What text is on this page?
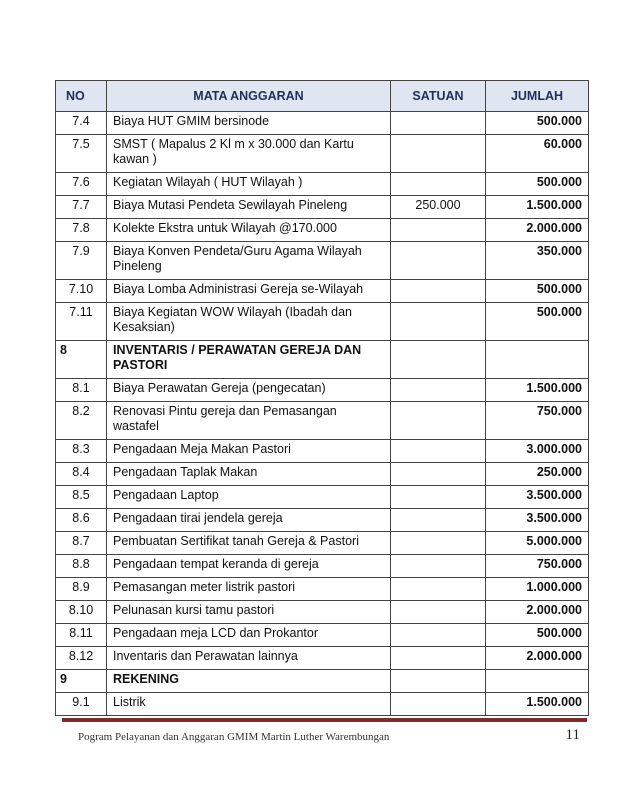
NO	MATA ANGGARAN	SATUAN	JUMLAH
7.4	Biaya HUT GMIM bersinode		500.000
7.5	SMST ( Mapalus 2 Kl m x 30.000 dan Kartu kawan )		60.000
7.6	Kegiatan Wilayah ( HUT Wilayah )		500.000
7.7	Biaya Mutasi Pendeta Sewilayah Pineleng	250.000	1.500.000
7.8	Kolekte Ekstra untuk Wilayah @170.000		2.000.000
7.9	Biaya Konven Pendeta/Guru Agama Wilayah Pineleng		350.000
7.10	Biaya Lomba Administrasi Gereja se-Wilayah		500.000
7.11	Biaya Kegiatan WOW Wilayah (Ibadah dan Kesaksian)		500.000
8	INVENTARIS / PERAWATAN GEREJA DAN PASTORI		
8.1	Biaya Perawatan Gereja (pengecatan)		1.500.000
8.2	Renovasi Pintu gereja dan Pemasangan wastafel		750.000
8.3	Pengadaan Meja Makan Pastori		3.000.000
8.4	Pengadaan Taplak Makan		250.000
8.5	Pengadaan Laptop		3.500.000
8.6	Pengadaan tirai jendela gereja		3.500.000
8.7	Pembuatan Sertifikat tanah Gereja & Pastori		5.000.000
8.8	Pengadaan tempat keranda di gereja		750.000
8.9	Pemasangan meter listrik pastori		1.000.000
8.10	Pelunasan kursi tamu pastori		2.000.000
8.11	Pengadaan meja LCD dan Prokantor		500.000
8.12	Inventaris dan Perawatan lainnya		2.000.000
9	REKENING		
9.1	Listrik		1.500.000
Pogram Pelayanan dan Anggaran GMIM Martin Luther Warembungan	11
